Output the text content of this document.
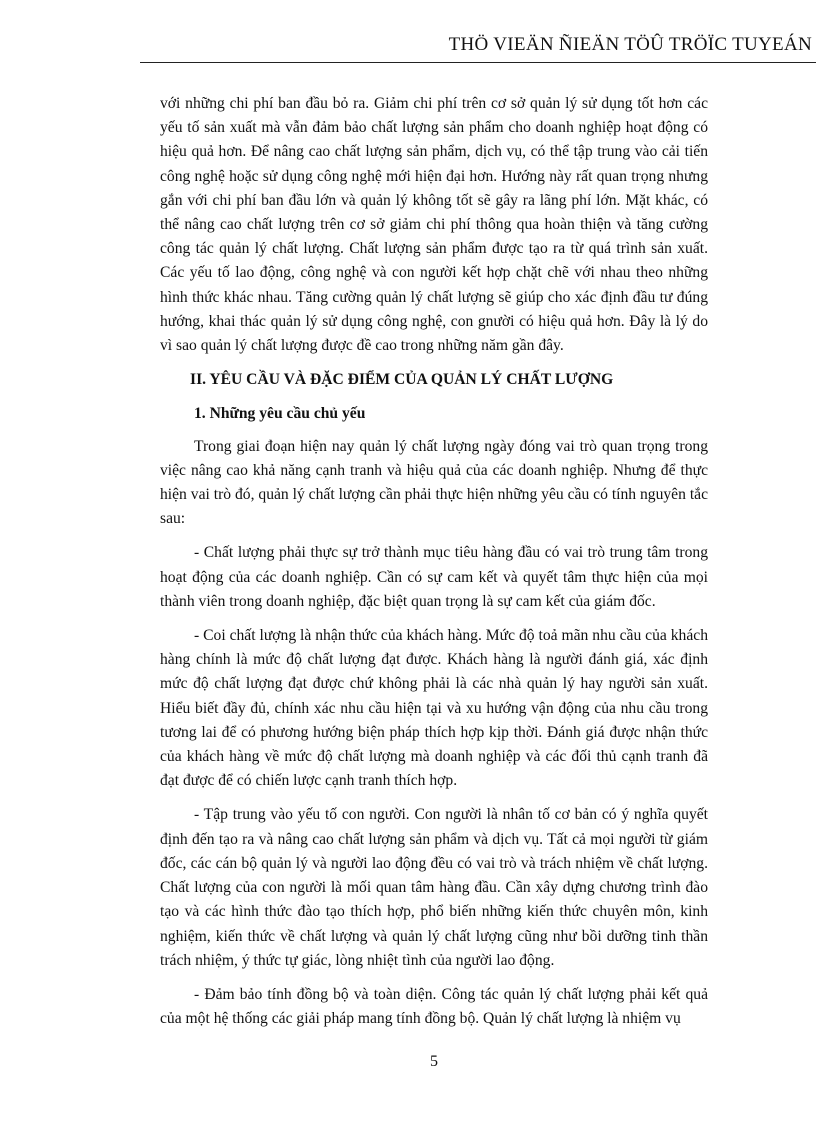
THÖ VIEÄN ÑIEÄN TÖÛ TRÖÏC TUYEÁN

với những chi phí ban đầu bỏ ra. Giảm chi phí trên cơ sở quản lý sử dụng tốt hơn các yếu tố sản xuất mà vẫn đảm bảo chất lượng sản phẩm cho doanh nghiệp hoạt động có hiệu quả hơn. Để nâng cao chất lượng sản phẩm, dịch vụ, có thể tập trung vào cải tiến công nghệ hoặc sử dụng công nghệ mới hiện đại hơn. Hướng này rất quan trọng nhưng gắn với chi phí ban đầu lớn và quản lý không tốt sẽ gây ra lãng phí lớn. Mặt khác, có thể nâng cao chất lượng trên cơ sở giảm chi phí thông qua hoàn thiện và tăng cường công tác quản lý chất lượng. Chất lượng sản phẩm được tạo ra từ quá trình sản xuất. Các yếu tố lao động, công nghệ và con người kết hợp chặt chẽ với nhau theo những hình thức khác nhau. Tăng cường quản lý chất lượng sẽ giúp cho xác định đầu tư đúng hướng, khai thác quản lý sử dụng công nghệ, con gnười có hiệu quả hơn. Đây là lý do vì sao quản lý chất lượng được đề cao trong những năm gần đây.

II. YÊU CẦU VÀ ĐẶC ĐIỂM CỦA QUẢN LÝ CHẤT LƯỢNG
1. Những yêu cầu chủ yếu

Trong giai đoạn hiện nay quản lý chất lượng ngày đóng vai trò quan trọng trong việc nâng cao khả năng cạnh tranh và hiệu quả của các doanh nghiệp. Nhưng để thực hiện vai trò đó, quản lý chất lượng cần phải thực hiện những yêu cầu có tính nguyên tắc sau:

- Chất lượng phải thực sự trở thành mục tiêu hàng đầu có vai trò trung tâm trong hoạt động của các doanh nghiệp. Cần có sự cam kết và quyết tâm thực hiện của mọi thành viên trong doanh nghiệp, đặc biệt quan trọng là sự cam kết của giám đốc.

- Coi chất lượng là nhận thức của khách hàng. Mức độ toả mãn nhu cầu của khách hàng chính là mức độ chất lượng đạt được. Khách hàng là người đánh giá, xác định mức độ chất lượng đạt được chứ không phải là các nhà quản lý hay người sản xuất. Hiểu biết đầy đủ, chính xác nhu cầu hiện tại và xu hướng vận động của nhu cầu trong tương lai để có phương hướng biện pháp thích hợp kịp thời. Đánh giá được nhận thức của khách hàng về mức độ chất lượng mà doanh nghiệp và các đối thủ cạnh tranh đã đạt được để có chiến lược cạnh tranh thích hợp.

- Tập trung vào yếu tố con người. Con người là nhân tố cơ bản có ý nghĩa quyết định đến tạo ra và nâng cao chất lượng sản phẩm và dịch vụ. Tất cả mọi người từ giám đốc, các cán bộ quản lý và người lao động đều có vai trò và trách nhiệm về chất lượng. Chất lượng của con người là mối quan tâm hàng đầu. Cần xây dựng chương trình đào tạo và các hình thức đào tạo thích hợp, phổ biến những kiến thức chuyên môn, kinh nghiệm, kiến thức về chất lượng và quản lý chất lượng cũng như bồi dưỡng tinh thần trách nhiệm, ý thức tự giác, lòng nhiệt tình của người lao động.

- Đảm bảo tính đồng bộ và toàn diện. Công tác quản lý chất lượng phải kết quả của một hệ thống các giải pháp mang tính đồng bộ. Quản lý chất lượng là nhiệm vụ

5
